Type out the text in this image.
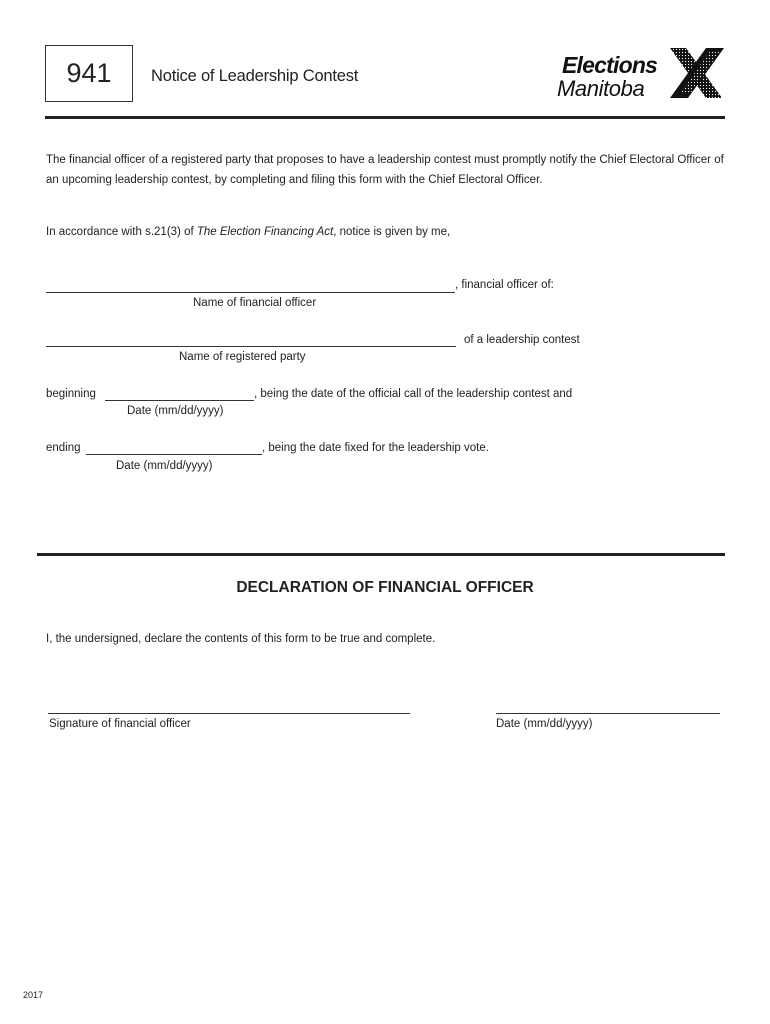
941 Notice of Leadership Contest	Elections
Manitoba
The financial officer of a registered party that proposes to have a leadership contest must promptly notify the Chief Electoral Officer of an upcoming leadership contest, by completing and filing this form with the Chief Electoral Officer.
In accordance with s.21(3) of The Election Financing Act, notice is given by me,
, financial officer of:
Name of financial officer
of a leadership contest
Name of registered party
beginning	, being the date of the official call of the leadership contest and
Date (mm/dd/yyyy)
ending	, being the date fixed for the leadership vote.
Date (mm/dd/yyyy)
DECLARATION OF FINANCIAL OFFICER
I, the undersigned, declare the contents of this form to be true and complete.
Signature of financial officer	Date (mm/dd/yyyy)
2017
